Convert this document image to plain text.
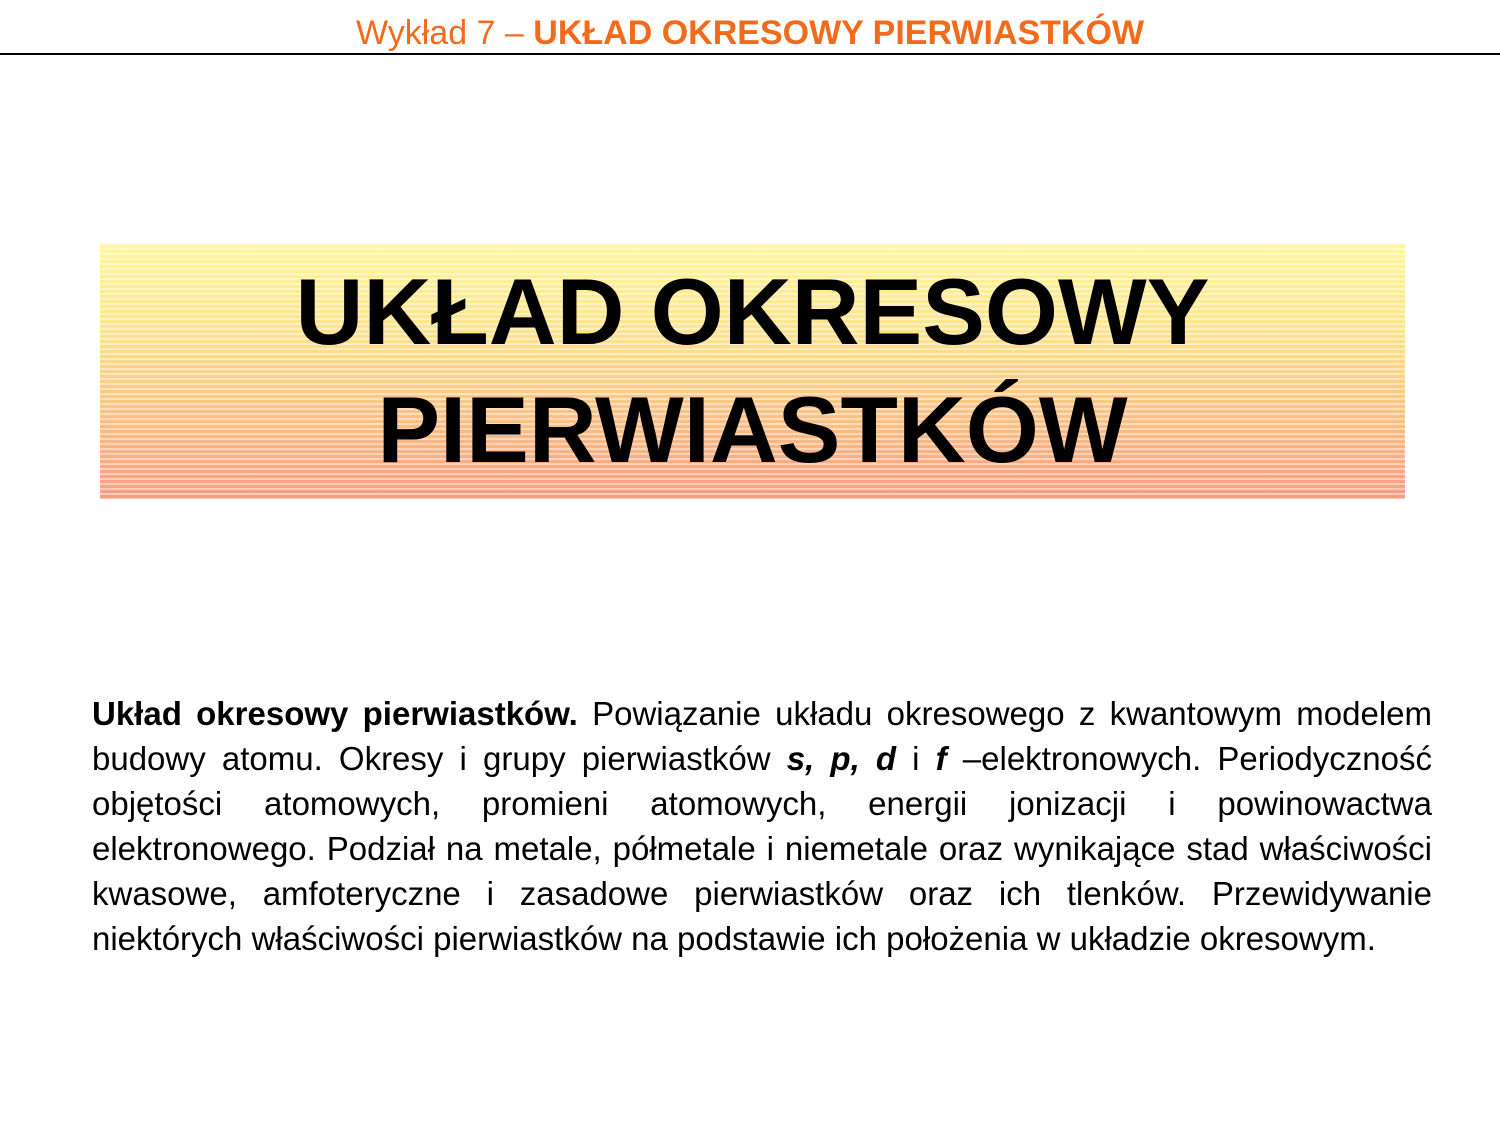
Wykład 7 – UKŁAD OKRESOWY PIERWIASTKÓW
UKŁAD OKRESOWY
PIERWIASTKÓW
Układ okresowy pierwiastków. Powiązanie układu okresowego z kwantowym modelem budowy atomu. Okresy i grupy pierwiastków s, p, d i f –elektronowych. Periodyczność objętości atomowych, promieni atomowych, energii jonizacji i powinowactwa elektronowego. Podział na metale, półmetale i niemetale oraz wynikające stad właściwości kwasowe, amfoteryczne i zasadowe pierwiastków oraz ich tlenków. Przewidywanie niektórych właściwości pierwiastków na podstawie ich położenia w układzie okresowym.
